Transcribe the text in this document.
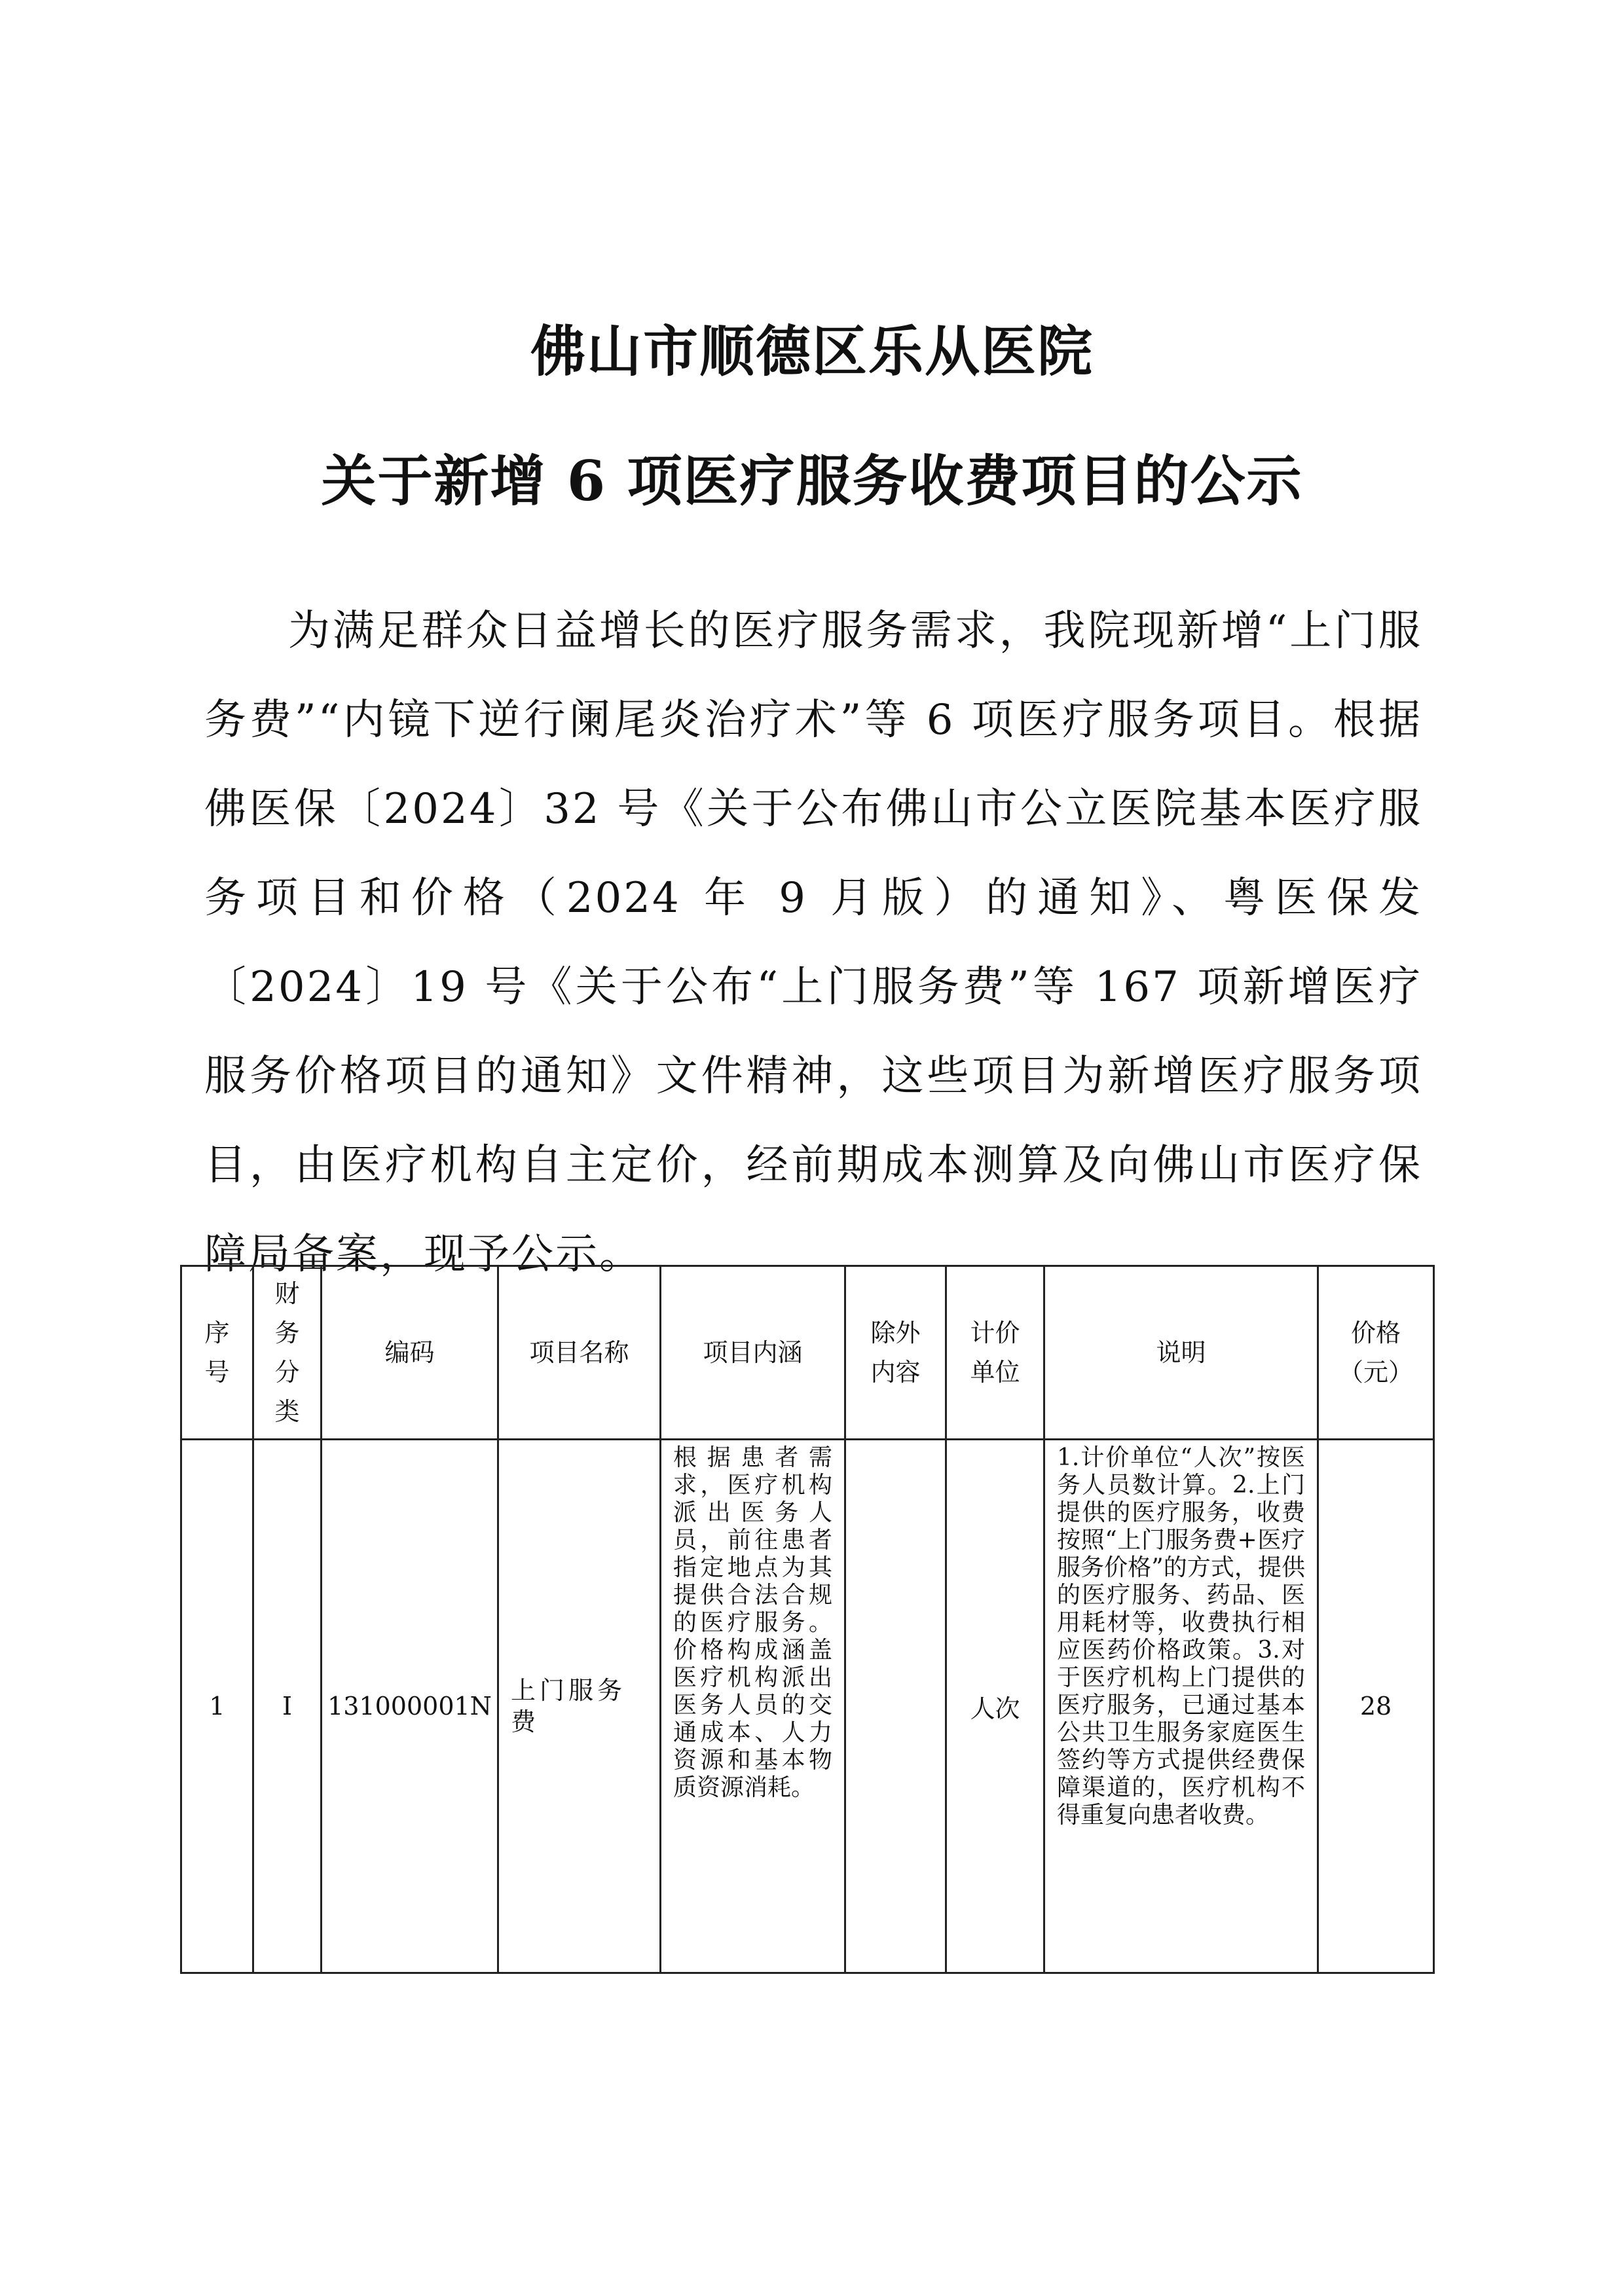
佛山市顺德区乐从医院
关于新增 6 项医疗服务收费项目的公示

为满足群众日益增长的医疗服务需求，我院现新增“上门服务费”“内镜下逆行阑尾炎治疗术”等 6 项医疗服务项目。根据佛医保〔2024〕32 号《关于公布佛山市公立医院基本医疗服务项目和价格（2024 年 9 月版）的通知》、粤医保发〔2024〕19 号《关于公布“上门服务费”等 167 项新增医疗服务价格项目的通知》文件精神，这些项目为新增医疗服务项目，由医疗机构自主定价，经前期成本测算及向佛山市医疗保障局备案，现予公示。

序号	财务分类	编码	项目名称	项目内涵	除外内容	计价单位	说明	价格（元）
1	I	131000001N	上门服务费	根据患者需求，医疗机构派出医务人员，前往患者指定地点为其提供合法合规的医疗服务。价格构成涵盖医疗机构派出医务人员的交通成本、人力资源和基本物质资源消耗。		人次	1.计价单位“人次”按医务人员数计算。2.上门提供的医疗服务，收费按照“上门服务费+医疗服务价格”的方式，提供的医疗服务、药品、医用耗材等，收费执行相应医药价格政策。3.对于医疗机构上门提供的医疗服务，已通过基本公共卫生服务家庭医生签约等方式提供经费保障渠道的，医疗机构不得重复向患者收费。	28
